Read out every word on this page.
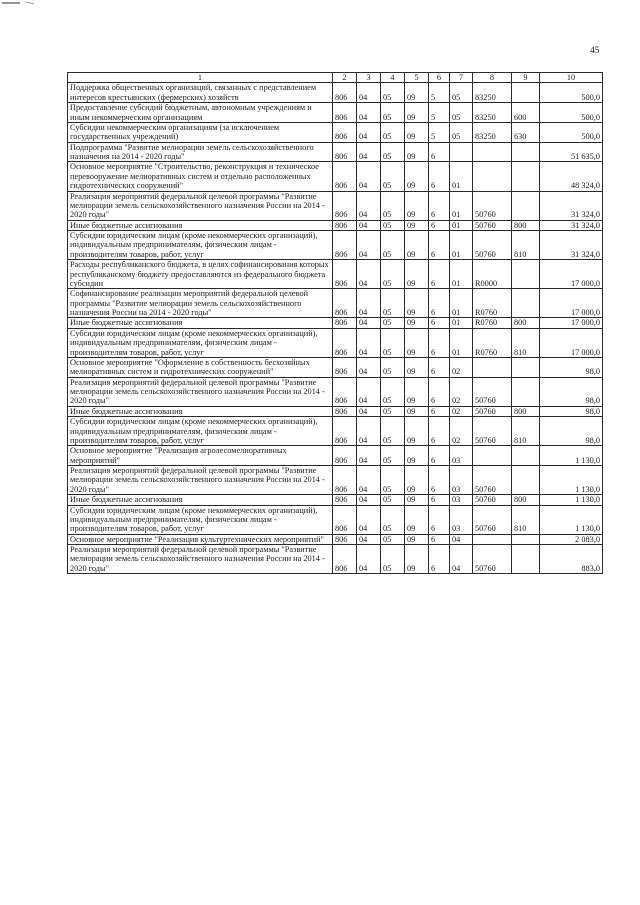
45
1	2	3	4	5	6	7	8	9	10
Поддержка общественных организаций, связанных с представлением интересов крестьянских (фермерских) хозяйств	806	04	05	09	5	05	83250		500,0
Предоставление субсидий бюджетным, автономным учреждениям и иным некоммерческим организациям	806	04	05	09	5	05	83250	600	500,0
Субсидии некоммерческим организациям (за исключением государственных учреждений)	806	04	05	09	5	05	83250	630	500,0
Подпрограмма "Развитие мелиорации земель сельскохозяйственного назначения на 2014 - 2020 годы"	806	04	05	09	6				51 635,0
Основное мероприятие "Строительство, реконструкция и техническое перевооружение мелиоративных систем и отдельно расположенных гидротехнических сооружений"	806	04	05	09	6	01			48 324,0
Реализация мероприятий федеральной целевой программы "Развитие мелиорации земель сельскохозяйственного назначения России на 2014 - 2020 годы"	806	04	05	09	6	01	50760		31 324,0
Иные бюджетные ассигнования	806	04	05	09	6	01	50760	800	31 324,0
Субсидии юридическим лицам (кроме некоммерческих организаций), индивидуальным предпринимателям, физическим лицам - производителям товаров, работ, услуг	806	04	05	09	6	01	50760	810	31 324,0
Расходы республиканского бюджета, в целях софинансирования которых республиканскому бюджету предоставляются из федерального бюджета субсидии	806	04	05	09	6	01	R0000		17 000,0
Софинансирование реализации мероприятий федеральной целевой программы "Развитие мелиорации земель сельскохозяйственного назначения России на 2014 - 2020 годы"	806	04	05	09	6	01	R0760		17 000,0
Иные бюджетные ассигнования	806	04	05	09	6	01	R0760	800	17 000,0
Субсидии юридическим лицам (кроме некоммерческих организаций), индивидуальным предпринимателям, физическим лицам - производителям товаров, работ, услуг	806	04	05	09	6	01	R0760	810	17 000,0
Основное мероприятие "Оформление в собственность бесхозяйных мелиоративных систем и гидротехнических сооружений"	806	04	05	09	6	02			98,0
Реализация мероприятий федеральной целевой программы "Развитие мелиорации земель сельскохозяйственного назначения России на 2014 - 2020 годы"	806	04	05	09	6	02	50760		98,0
Иные бюджетные ассигнования	806	04	05	09	6	02	50760	800	98,0
Субсидии юридическим лицам (кроме некоммерческих организаций), индивидуальным предпринимателям, физическим лицам - производителям товаров, работ, услуг	806	04	05	09	6	02	50760	810	98,0
Основное мероприятие "Реализация агролесомелиоративных мероприятий"	806	04	05	09	6	03			1 130,0
Реализация мероприятий федеральной целевой программы "Развитие мелиорации земель сельскохозяйственного назначения России на 2014 - 2020 годы"	806	04	05	09	6	03	50760		1 130,0
Иные бюджетные ассигнования	806	04	05	09	6	03	50760	800	1 130,0
Субсидии юридическим лицам (кроме некоммерческих организаций), индивидуальным предпринимателям, физическим лицам - производителям товаров, работ, услуг	806	04	05	09	6	03	50760	810	1 130,0
Основное мероприятие "Реализация культуртехнических мероприятий"	806	04	05	09	6	04			2 083,0
Реализация мероприятий федеральной целевой программы "Развитие мелиорации земель сельскохозяйственного назначения России на 2014 - 2020 годы"	806	04	05	09	6	04	50760		883,0
